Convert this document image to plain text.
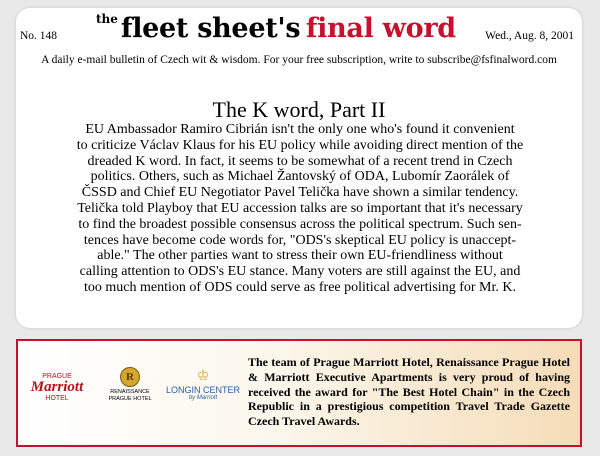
No. 148
$^{the}$ fleet sheet's final word	Wed., Aug. 8, 2001
A daily e-mail bulletin of Czech wit & wisdom. For your free subscription, write to subscribe@fsfinalword.com
The K word, Part II

EU Ambassador Ramiro Cibrián isn't the only one who's found it convenient
to criticize Václav Klaus for his EU policy while avoiding direct mention of the
dreaded K word. In fact, it seems to be somewhat of a recent trend in Czech
politics. Others, such as Michael Žantovský of ODA, Lubomír Zaorálek of
ČSSD and Chief EU Negotiator Pavel Telička have shown a similar tendency.
Telička told Playboy that EU accession talks are so important that it's necessary
to find the broadest possible consensus across the political spectrum. Such sen-
tences have become code words for, "ODS's skeptical EU policy is unaccept-
able." The other parties want to stress their own EU-friendliness without
calling attention to ODS's EU stance. Many voters are still against the EU, and
too much mention of ODS could serve as free political advertising for Mr. K.

PRAGUE
Marriott
HOTEL
R
RENAISSANCE PRAGUE HOTEL
♔
LONGIN CENTER
by Marriott
The team of Prague Marriott Hotel, Renaissance Prague Hotel & Marriott Executive Apartments is very proud of having received the award for "The Best Hotel Chain" in the Czech Republic in a prestigious competition Travel Trade Gazette Czech Travel Awards.
